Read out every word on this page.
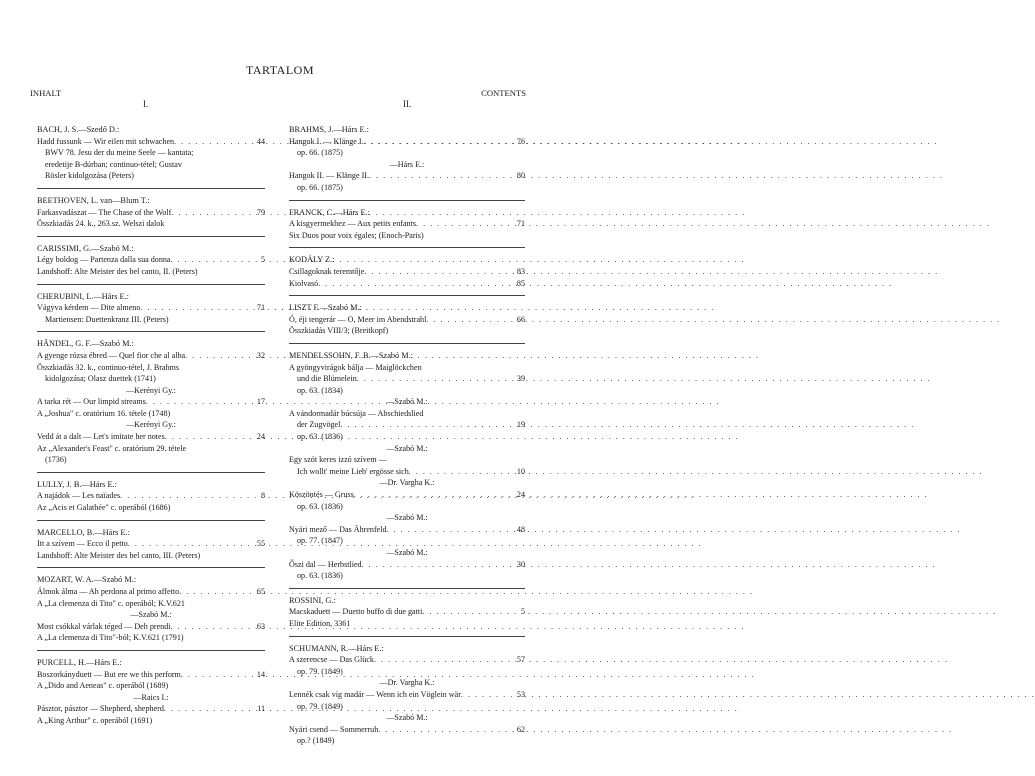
TARTALOM
INHALT	CONTENTS
I.	II.
BACH, J. S.—Szedő D.:
Hadd fussunk — Wir eilen mit schwachen . . .	44
BWV 78. Jesu der du meine Seele — kantata;
eredetije B-dúrban; continuo-tétel; Gustav
Rösler kidolgozása (Peters)
BEETHOVEN, L. van—Blum T.:
Farkasvadászat — The Chase of the Wolf . . .	79
Összkiadás 24. k., 263.sz. Welszi dalok
CARISSIMI, G.—Szabó M.:
Légy boldog — Partenza dalla sua donna . . .	5
Landshoff: Alte Meister des bel canto, II. (Peters)
CHERUBINI, L.—Hárs E.:
Vágyva kérdem — Dite almeno . . .	71
Martiensen: Duettenkranz III. (Peters)
HÄNDEL, G. F.—Szabó M.:
A gyenge rózsa ébred — Quel fior che al alba . . .	32
Összkiadás 32. k., continuo-tétel, J. Brahms
kidolgozása; Olasz duettek (1741)
—Kerényi Gy.:
A tarka rét — Our limpid streams . . .	17
A „Joshua" c. oratórium 16. tétele (1748)
—Kerényi Gy.:
Vedd át a dalt — Let's imitate her notes . . .	24
Az „Alexander's Feast" c. oratórium 29. tétele
(1736)
LULLY, J. B.—Hárs E.:
A najádok — Les naïades . . .	8
Az „Acis et Galathée" c. operából (1686)
MARCELLO, B.—Hárs E.:
Itt a szívem — Ecco il petto . . .	55
Landshoff: Alte Meister des bel canto, III. (Peters)
MOZART, W. A.—Szabó M.:
Álmok álma — Ah perdona al primo affetto . . .	65
A „La clemenza di Tito" c. operából; K.V.621
—Szabó M.:
Most csókkal várlak téged — Deh prendi . . .	63
A „La clemenza di Tito"-ból; K.V.621 (1791)
PURCELL, H.—Hárs E.:
Boszorkányduett — But ere we this perform . . .	14
A „Dido and Aeneas" c. operából (1689)
—Raics I.:
Pásztor, pásztor — Shepherd, shepherd . . .	11
A „King Arthur" c. operából (1691)
BRAHMS, J.—Hárs E.:
Hangok I. — Klänge I. . . .	76
op. 66. (1875)
—Hárs E.:
Hangok II. — Klänge II. . . .	80
op. 66. (1875)
FRANCK, C.—Hárs E.:
A kisgyermekhez — Aux petits enfants . . .	71
Six Duos pour voix égales; (Enoch-Paris)
KODÁLY Z.:
Csillagoknak teremtője . . .	83
Kiolvasó . . .	85
LISZT F.—Szabó M.:
Ó, éji tengerár — O, Meer im Abendstrahl . . .	66
Összkiadás VIII/3; (Breitkopf)
MENDELSSOHN, F. B.—Szabó M.:
A gyöngyvirágok bálja — Maiglöckchen
und die Blümelein . . .	39
op. 63. (1834)
—Szabó M.:
A vándormadár búcsúja — Abschiedslied
der Zugvögel . . .	19
op. 63. (1836)
—Szabó M.:
Egy szót keres izzó szívem —
Ich wollt' meine Lieb' ergösse sich . . .	10
—Dr. Vargha K.:
Köszöntés — Gruss . . .	24
op. 63. (1836)
—Szabó M.:
Nyári mező — Das Ährenfeld . . .	48
op. 77. (1847)
—Szabó M.:
Őszi dal — Herbstlied . . .	30
op. 63. (1836)
ROSSINI, G.:
Macskaduett — Duetto buffo di due gatti . . .	5
Elite Edition, 3361
SCHUMANN, R.—Hárs E.:
A szerencse — Das Glück . . .	57
op. 79. (1849)
—Dr. Vargha K.:
Lennék csak víg madár — Wenn ich ein Vöglein wär . . .	53
op. 79. (1849)
—Szabó M.:
Nyári csend — Sommerruh . . .	62
op.? (1849)
